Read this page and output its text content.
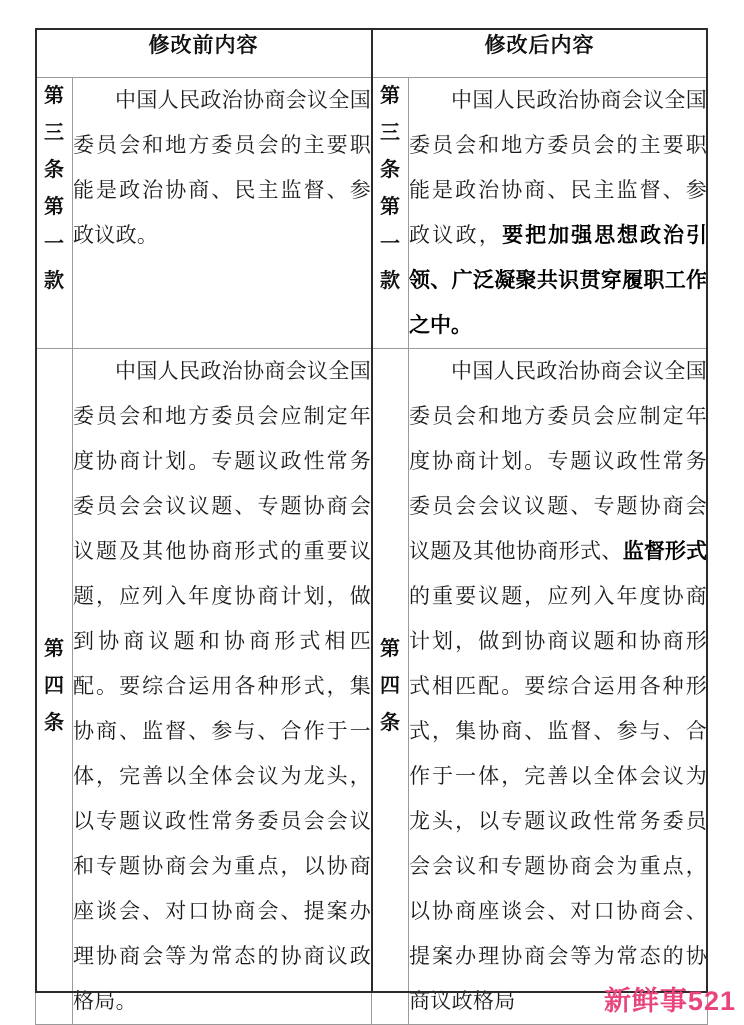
修改前内容		修改后内容	
第三条第一款	中国人民政治协商会议全国委员会和地方委员会的主要职能是政治协商、民主监督、参政议政。	第三条第一款	中国人民政治协商会议全国委员会和地方委员会的主要职能是政治协商、民主监督、参政议政，要把加强思想政治引领、广泛凝聚共识贯穿履职工作之中。

第四条	中国人民政治协商会议全国委员会和地方委员会应制定年度协商计划。专题议政性常务委员会会议议题、专题协商会议题及其他协商形式的重要议题，应列入年度协商计划，做到协商议题和协商形式相匹配。要综合运用各种形式，集协商、监督、参与、合作于一体，完善以全体会议为龙头，以专题议政性常务委员会会议和专题协商会为重点，以协商座谈会、对口协商会、提案办理协商会等为常态的协商议政格局。	第四条	中国人民政治协商会议全国委员会和地方委员会应制定年度协商计划。专题议政性常务委员会会议议题、专题协商会议题及其他协商形式、监督形式的重要议题，应列入年度协商计划，做到协商议题和协商形式相匹配。要综合运用各种形式，集协商、监督、参与、合作于一体，完善以全体会议为龙头，以专题议政性常务委员会会议和专题协商会为重点，以协商座谈会、对口协商会、提案办理协商会等为常态的协商议政格局	新鲜事521
